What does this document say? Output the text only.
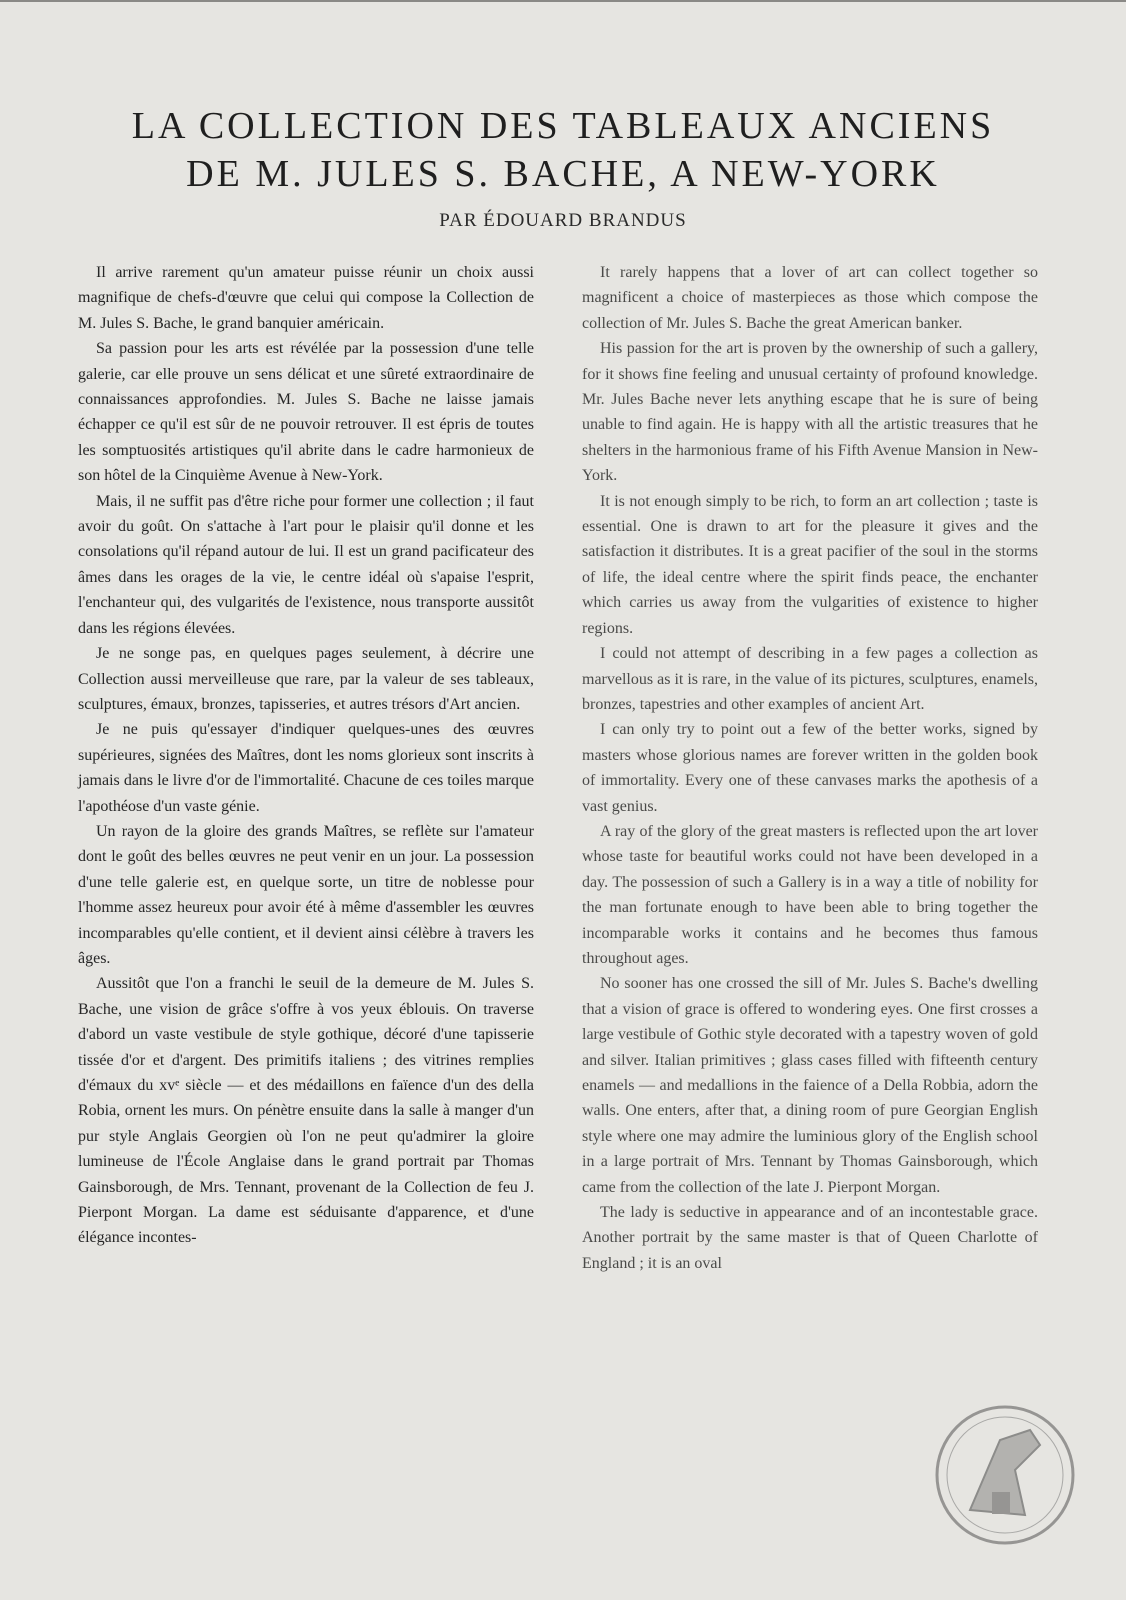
LA COLLECTION DES TABLEAUX ANCIENS
DE M. JULES S. BACHE, A NEW-YORK
PAR ÉDOUARD BRANDUS

Il arrive rarement qu'un amateur puisse réunir un choix aussi magnifique de chefs-d'œuvre que celui qui compose la Collection de M. Jules S. Bache, le grand banquier américain.

Sa passion pour les arts est révélée par la possession d'une telle galerie, car elle prouve un sens délicat et une sûreté extraordinaire de connaissances approfondies. M. Jules S. Bache ne laisse jamais échapper ce qu'il est sûr de ne pouvoir retrouver. Il est épris de toutes les somptuosités artistiques qu'il abrite dans le cadre harmonieux de son hôtel de la Cinquième Avenue à New-York.

Mais, il ne suffit pas d'être riche pour former une collection ; il faut avoir du goût. On s'attache à l'art pour le plaisir qu'il donne et les consolations qu'il répand autour de lui. Il est un grand pacificateur des âmes dans les orages de la vie, le centre idéal où s'apaise l'esprit, l'enchanteur qui, des vulgarités de l'existence, nous transporte aussitôt dans les régions élevées.

Je ne songe pas, en quelques pages seulement, à décrire une Collection aussi merveilleuse que rare, par la valeur de ses tableaux, sculptures, émaux, bronzes, tapisseries, et autres trésors d'Art ancien.

Je ne puis qu'essayer d'indiquer quelques-unes des œuvres supérieures, signées des Maîtres, dont les noms glorieux sont inscrits à jamais dans le livre d'or de l'immortalité. Chacune de ces toiles marque l'apothéose d'un vaste génie.

Un rayon de la gloire des grands Maîtres, se reflète sur l'amateur dont le goût des belles œuvres ne peut venir en un jour. La possession d'une telle galerie est, en quelque sorte, un titre de noblesse pour l'homme assez heureux pour avoir été à même d'assembler les œuvres incomparables qu'elle contient, et il devient ainsi célèbre à travers les âges.

Aussitôt que l'on a franchi le seuil de la demeure de M. Jules S. Bache, une vision de grâce s'offre à vos yeux éblouis. On traverse d'abord un vaste vestibule de style gothique, décoré d'une tapisserie tissée d'or et d'argent. Des primitifs italiens ; des vitrines remplies d'émaux du xvᵉ siècle — et des médaillons en faïence d'un des della Robia, ornent les murs. On pénètre ensuite dans la salle à manger d'un pur style Anglais Georgien où l'on ne peut qu'admirer la gloire lumineuse de l'École Anglaise dans le grand portrait par Thomas Gainsborough, de Mrs. Tennant, provenant de la Collection de feu J. Pierpont Morgan. La dame est séduisante d'apparence, et d'une élégance incontes-

It rarely happens that a lover of art can collect together so magnificent a choice of masterpieces as those which compose the collection of Mr. Jules S. Bache the great American banker.

His passion for the art is proven by the ownership of such a gallery, for it shows fine feeling and unusual certainty of profound knowledge. Mr. Jules Bache never lets anything escape that he is sure of being unable to find again. He is happy with all the artistic treasures that he shelters in the harmonious frame of his Fifth Avenue Mansion in New-York.

It is not enough simply to be rich, to form an art collection ; taste is essential. One is drawn to art for the pleasure it gives and the satisfaction it distributes. It is a great pacifier of the soul in the storms of life, the ideal centre where the spirit finds peace, the enchanter which carries us away from the vulgarities of existence to higher regions.

I could not attempt of describing in a few pages a collection as marvellous as it is rare, in the value of its pictures, sculptures, enamels, bronzes, tapestries and other examples of ancient Art.

I can only try to point out a few of the better works, signed by masters whose glorious names are forever written in the golden book of immortality. Every one of these canvases marks the apothesis of a vast genius.

A ray of the glory of the great masters is reflected upon the art lover whose taste for beautiful works could not have been developed in a day. The possession of such a Gallery is in a way a title of nobility for the man fortunate enough to have been able to bring together the incomparable works it contains and he becomes thus famous throughout ages.

No sooner has one crossed the sill of Mr. Jules S. Bache's dwelling that a vision of grace is offered to wondering eyes. One first crosses a large vestibule of Gothic style decorated with a tapestry woven of gold and silver. Italian primitives ; glass cases filled with fifteenth century enamels — and medallions in the faience of a Della Robbia, adorn the walls. One enters, after that, a dining room of pure Georgian English style where one may admire the luminious glory of the English school in a large portrait of Mrs. Tennant by Thomas Gainsborough, which came from the collection of the late J. Pierpont Morgan.

The lady is seductive in appearance and of an incontestable grace. Another portrait by the same master is that of Queen Charlotte of England ; it is an oval
